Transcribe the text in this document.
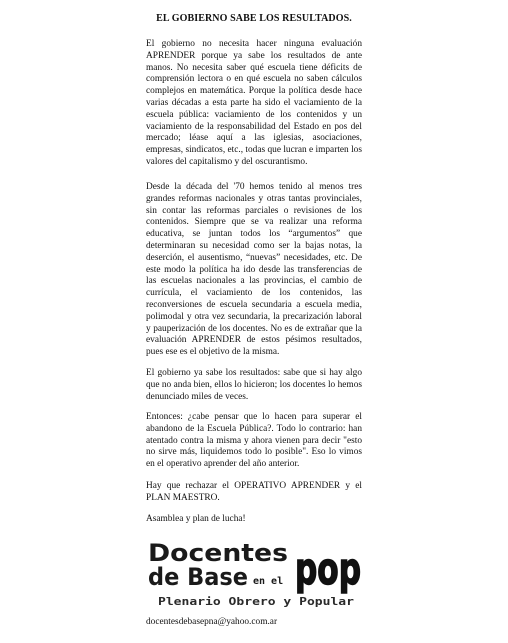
EL GOBIERNO SABE LOS RESULTADOS.

El gobierno no necesita hacer ninguna evaluación APRENDER porque ya sabe los resultados de ante manos. No necesita saber qué escuela tiene déficits de comprensión lectora o en qué escuela no saben cálculos complejos en matemática. Porque la política desde hace varias décadas a esta parte ha sido el vaciamiento de la escuela pública: vaciamiento de los contenidos y un vaciamiento de la responsabilidad del Estado en pos del mercado; léase aquí a las iglesias, asociaciones, empresas, sindicatos, etc., todas que lucran e imparten los valores del capitalismo y del oscurantismo.

Desde la década del '70 hemos tenido al menos tres grandes reformas nacionales y otras tantas provinciales, sin contar las reformas parciales o revisiones de los contenidos. Siempre que se va realizar una reforma educativa, se juntan todos los “argumentos” que determinaran su necesidad como ser la bajas notas, la deserción, el ausentismo, “nuevas” necesidades, etc. De este modo la política ha ido desde las transferencias de las escuelas nacionales a las provincias, el cambio de currícula, el vaciamiento de los contenidos, las reconversiones de escuela secundaria a escuela media, polimodal y otra vez secundaria, la precarización laboral y pauperización de los docentes. No es de extrañar que la evaluación APRENDER de estos pésimos resultados, pues ese es el objetivo de la misma.

El gobierno ya sabe los resultados: sabe que si hay algo que no anda bien, ellos lo hicieron; los docentes lo hemos denunciado miles de veces.

Entonces: ¿cabe pensar que lo hacen para superar el abandono de la Escuela Pública?. Todo lo contrario: han atentado contra la misma y ahora vienen para decir "esto no sirve más, liquidemos todo lo posible". Eso lo vimos en el operativo aprender del año anterior.

Hay que rechazar el OPERATIVO APRENDER y el PLAN MAESTRO.

Asamblea y plan de lucha!

Docentes
de Base en el pop
Plenario Obrero y Popular
docentesdebasepna@yahoo.com.ar
